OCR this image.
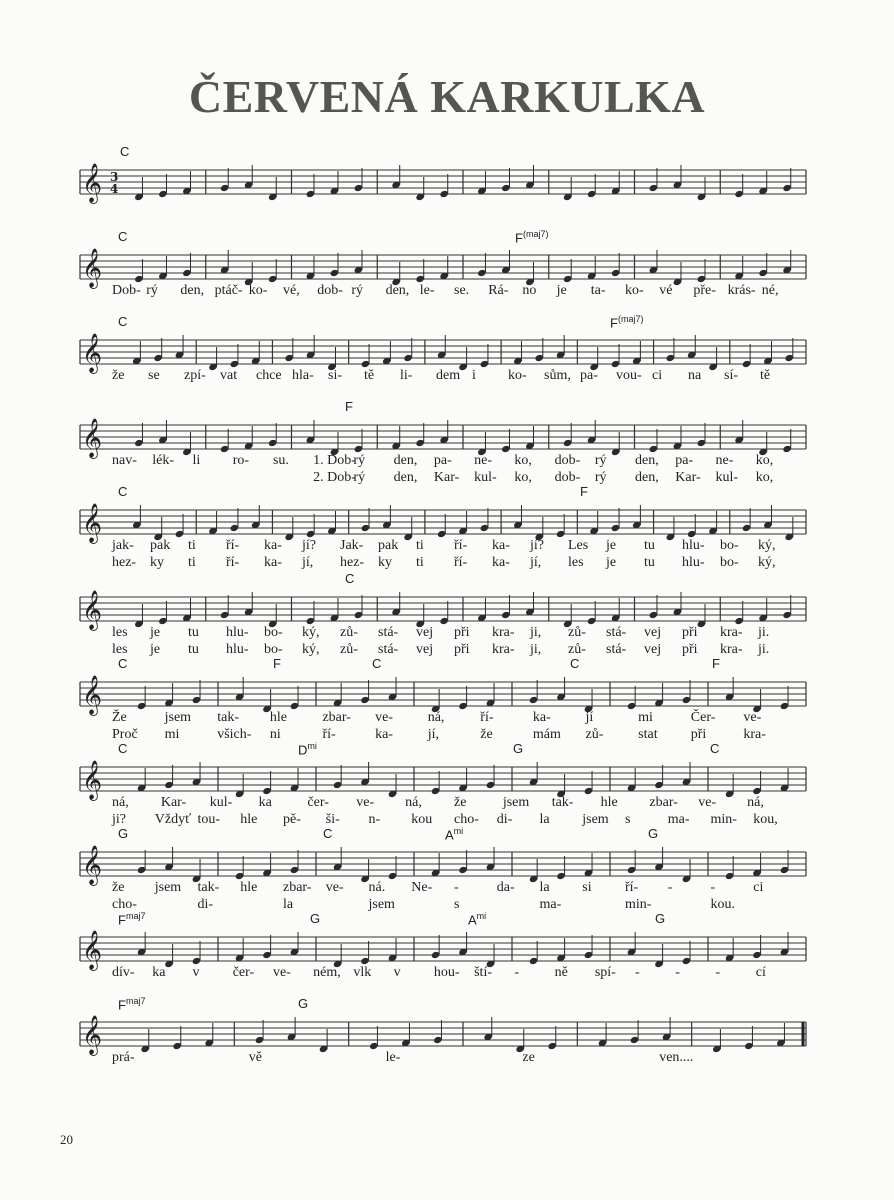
ČERVENÁ KARKULKA
𝄞 3
4
C
𝄞
C	$F^{(maj7)}$
Dob- rý den, ptáč- ko- vé, dob- rý den, le- se. Rá- no je ta- ko- vé pře- krás- né,
𝄞
C	$F^{(maj7)}$
že se zpí- vat chce hla- si- tě li- dem i ko- sům, pa- vou- ci na sí- tě
𝄞
F
nav- lék- li ro- su. 1. Dob-
rý den, pa- ne- ko, dob- rý den, pa- ne- ko,
2. Dob-
rý den, Kar- kul- ko, dob- rý den, Kar- kul- ko,
𝄞
C	F
jak- pak ti ří- ka- jí? Jak- pak ti ří- ka- jí? Les je tu hlu- bo- ký,
hez- ky ti ří- ka- jí, hez- ky ti ří- ka- jí, les je tu hlu- bo- ký,
𝄞
C
les je tu hlu- bo- ký, zů- stá- vej při kra- ji, zů- stá- vej při kra- ji.
les je tu hlu- bo- ký, zů- stá- vej při kra- ji, zů- stá- vej při kra- ji.
𝄞
C	F	C	C	F
Že	jsem tak- hle	zbar- ve- ná,	ří-	ka- jí	mi	Čer- ve-
Proč mi	všich- ni	ří-	ka- jí,	že	mám zů- stat při	kra-
𝄞
C	$D^{mi}$	G	C
ná, Kar- kul- ka	čer- ve- ná, že	jsem tak- hle zbar- ve- ná,
ji? Vždyť tou- hle pě- ši- n- kou cho- di- la jsem s	ma- min- kou,
𝄞
G	C	$A^{mi}$	G
že jsem tak- hle zbar- ve- ná. Ne- -	da- la si ří- -	-	ci
cho-	di-	la	jsem	s	ma-	min-	kou.
𝄞
$F^{maj7}$	G	$A^{mi}$	G
dív- ka v čer- ve- ném, vlk v hou- ští- -	ně spí- -	-	-	cí
𝄞
$F^{maj7}$	G
prá-	vě	le-	ze	ven....
20
